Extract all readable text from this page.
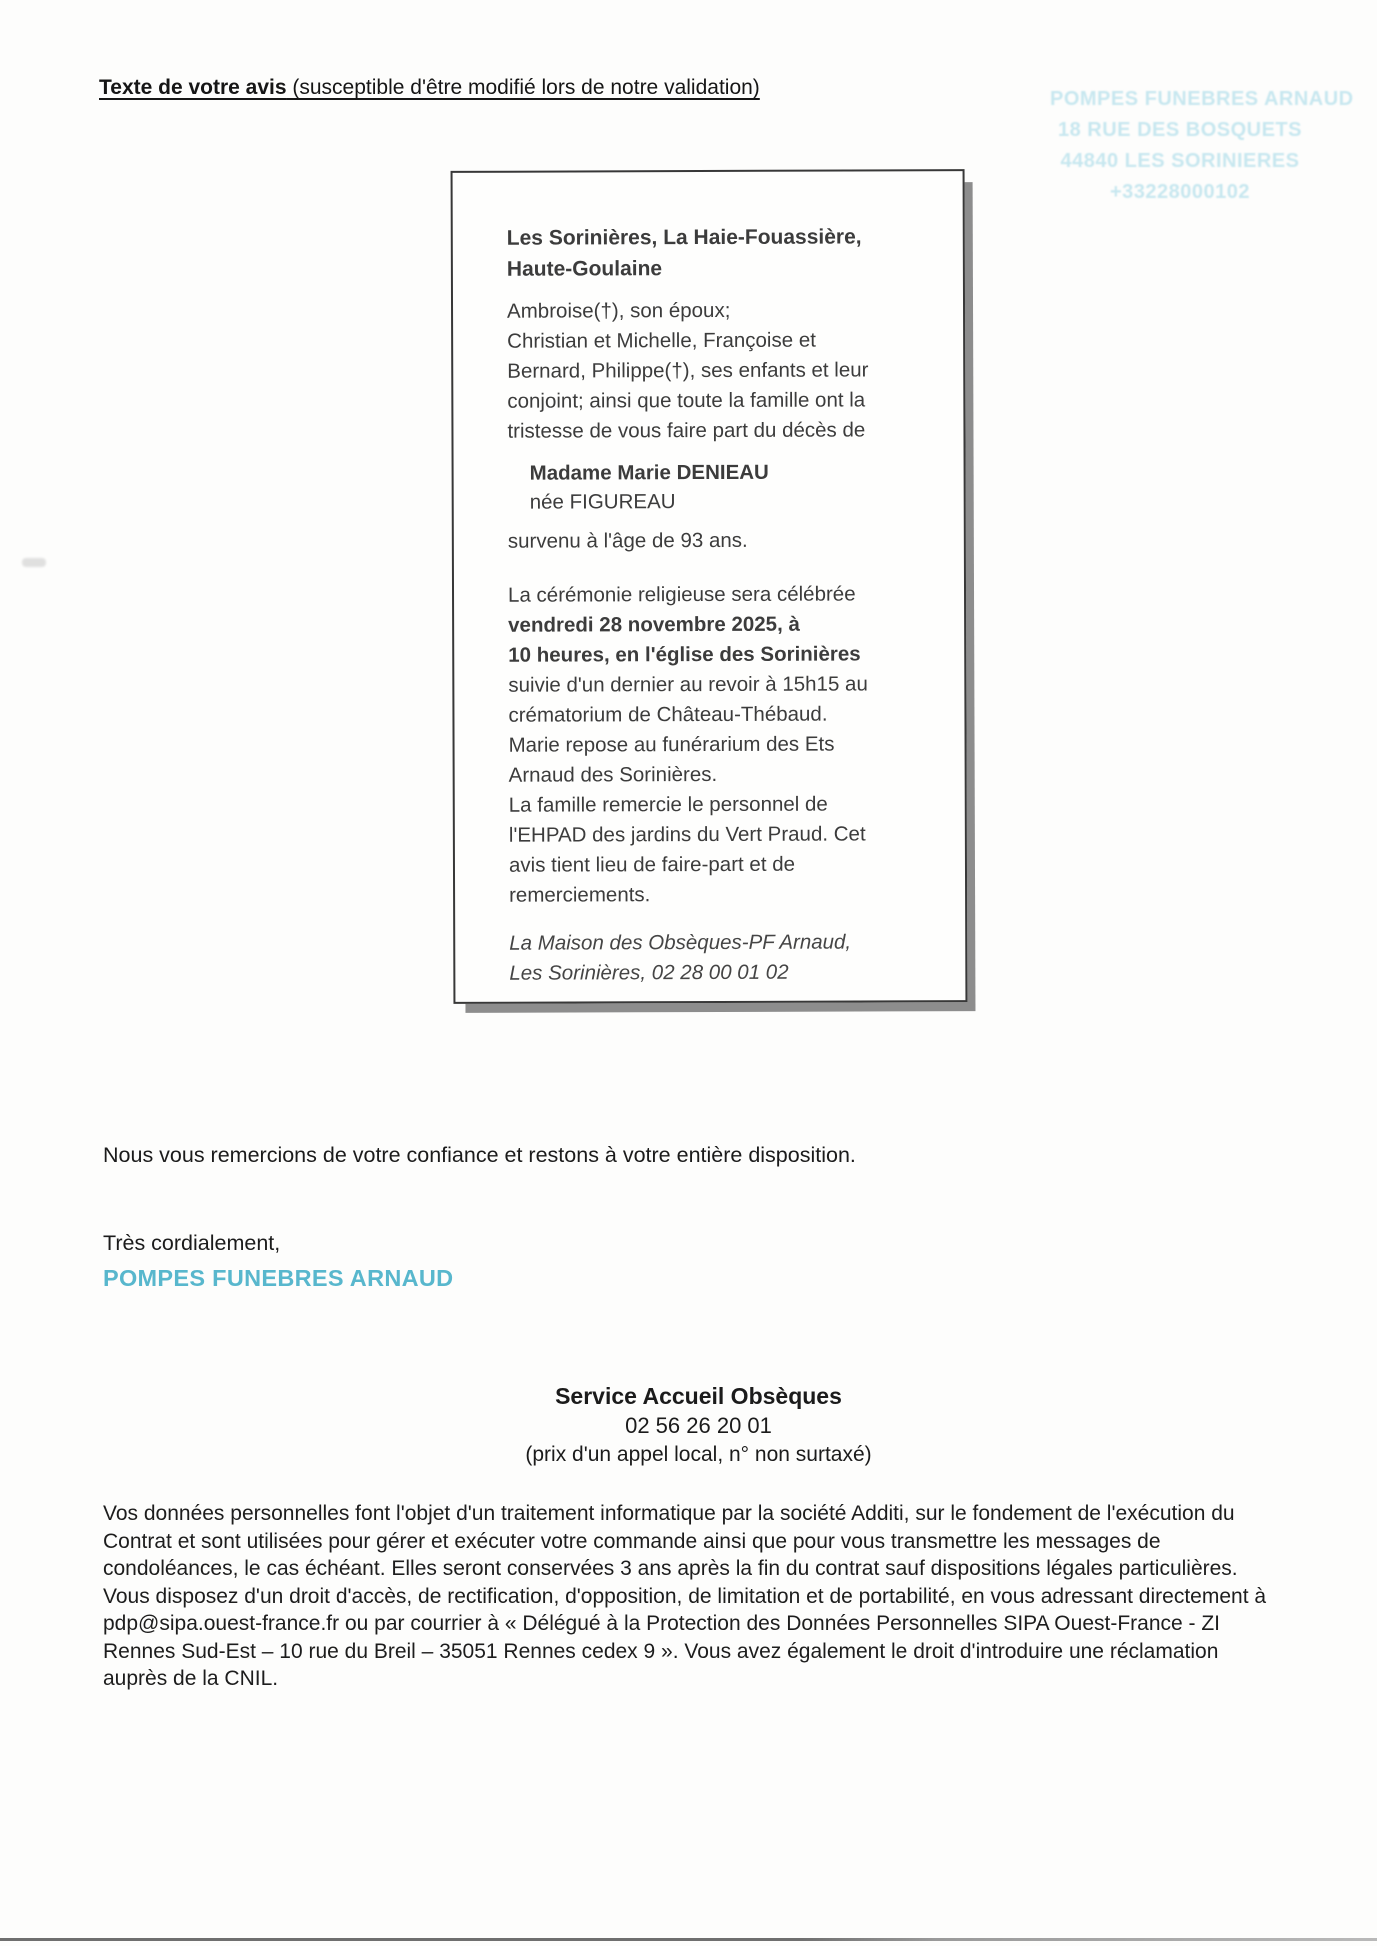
Texte de votre avis (susceptible d'être modifié lors de notre validation)	POMPES FUNEBRES ARNAUD
18 RUE DES BOSQUETS
44840 LES SORINIERES
+33228000102
Les Sorinières, La Haie-Fouassière,
Haute-Goulaine
Ambroise(†), son époux;
Christian et Michelle, Françoise et
Bernard, Philippe(†), ses enfants et leur
conjoint; ainsi que toute la famille ont la
tristesse de vous faire part du décès de
Madame Marie DENIEAU
née FIGUREAU
survenu à l'âge de 93 ans.
La cérémonie religieuse sera célébrée
vendredi 28 novembre 2025, à
10 heures, en l'église des Sorinières
suivie d'un dernier au revoir à 15h15 au
crématorium de Château-Thébaud.
Marie repose au funérarium des Ets
Arnaud des Sorinières.
La famille remercie le personnel de
l'EHPAD des jardins du Vert Praud. Cet
avis tient lieu de faire-part et de
remerciements.
La Maison des Obsèques-PF Arnaud,
Les Sorinières, 02 28 00 01 02
Nous vous remercions de votre confiance et restons à votre entière disposition.
Très cordialement,
POMPES FUNEBRES ARNAUD
Service Accueil Obsèques
02 56 26 20 01
(prix d'un appel local, n° non surtaxé)
Vos données personnelles font l'objet d'un traitement informatique par la société Additi, sur le fondement de l'exécution du Contrat et sont utilisées pour gérer et exécuter votre commande ainsi que pour vous transmettre les messages de condoléances, le cas échéant. Elles seront conservées 3 ans après la fin du contrat sauf dispositions légales particulières. Vous disposez d'un droit d'accès, de rectification, d'opposition, de limitation et de portabilité, en vous adressant directement à pdp@sipa.ouest-france.fr ou par courrier à « Délégué à la Protection des Données Personnelles SIPA Ouest-France - ZI Rennes Sud-Est – 10 rue du Breil – 35051 Rennes cedex 9 ». Vous avez également le droit d'introduire une réclamation auprès de la CNIL.
